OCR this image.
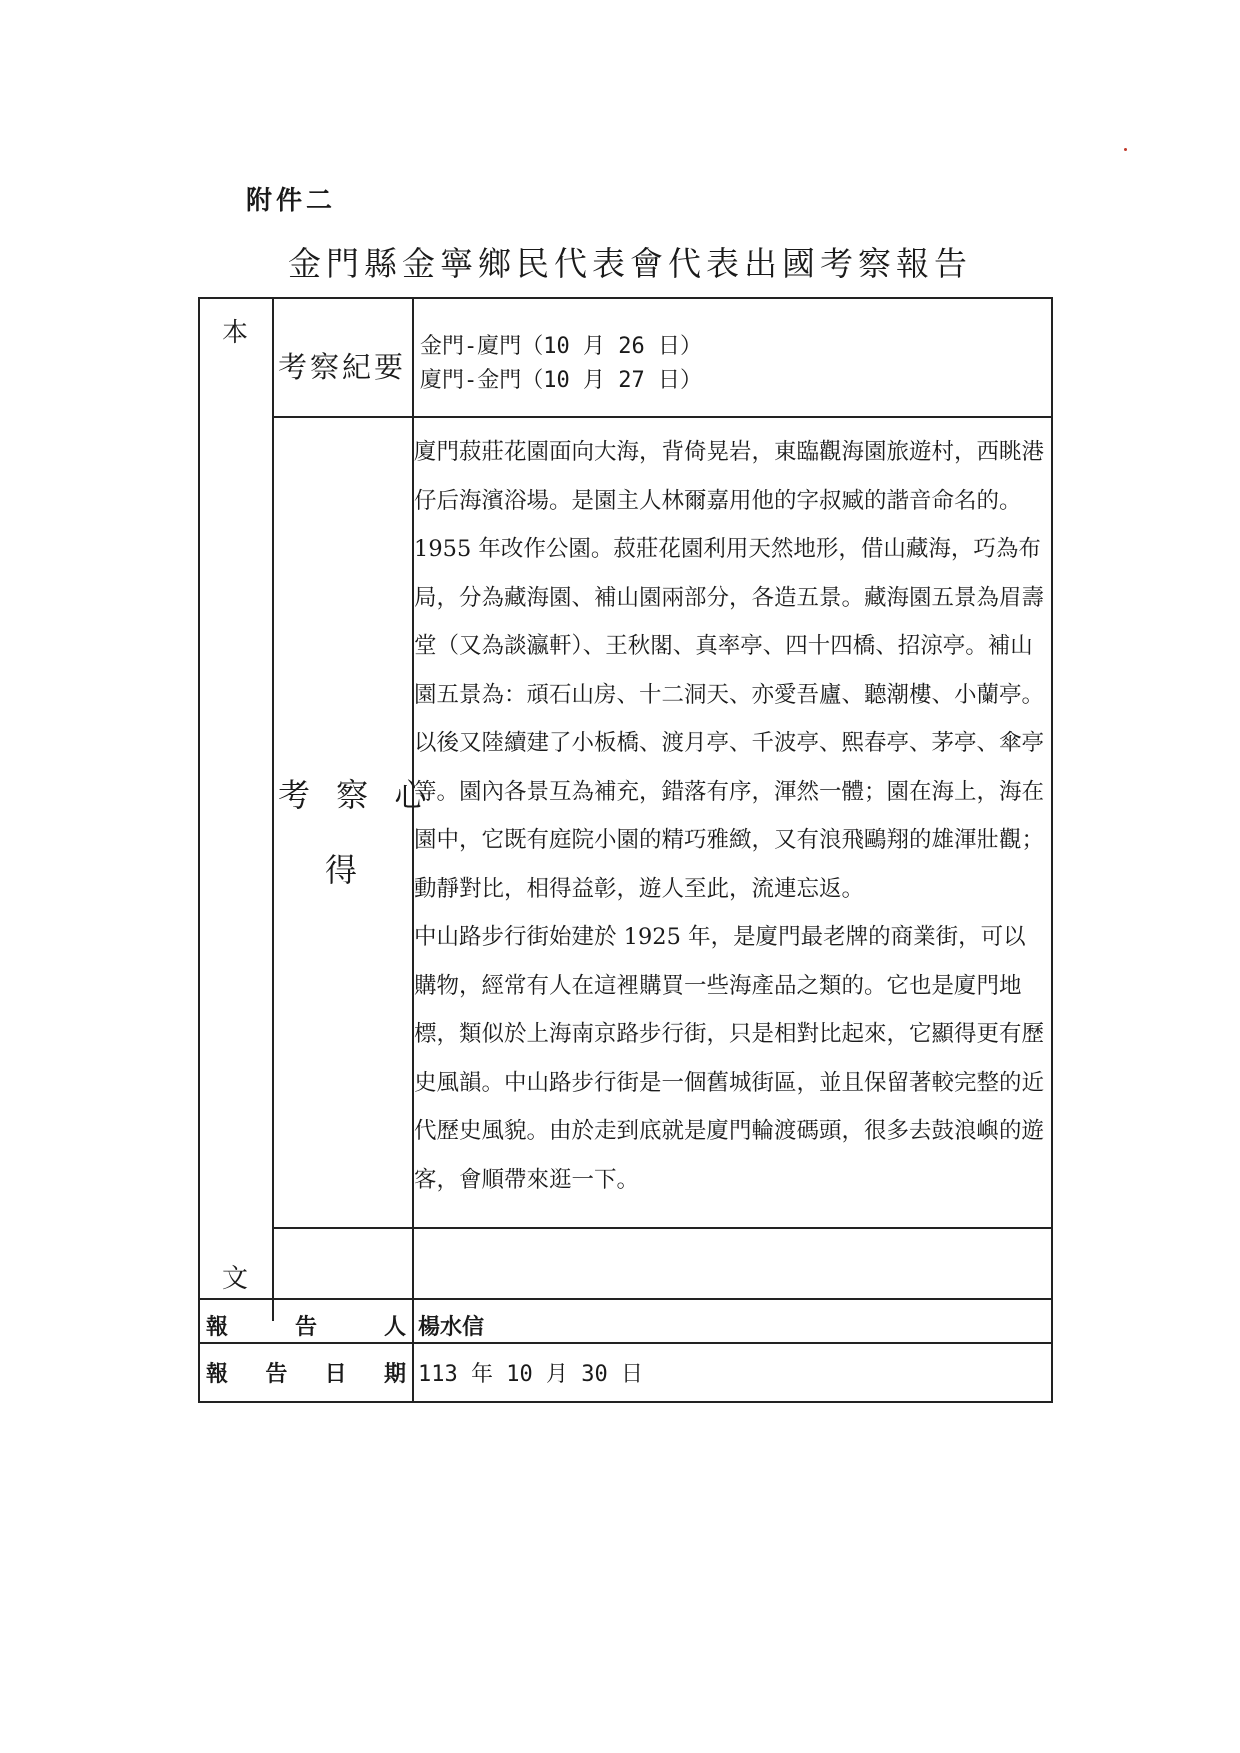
附件二
金門縣金寧鄉民代表會代表出國考察報告
本
文
考察紀要
金門-廈門（10 月 26 日）
廈門-金門（10 月 27 日）
考 察 心
得

廈門菽莊花園面向大海，背倚晃岩，東臨觀海園旅遊村，西眺港仔后海濱浴場。是園主人林爾嘉用他的字叔臧的諧音命名的。1955 年改作公園。菽莊花園利用天然地形，借山藏海，巧為布局，分為藏海園、補山園兩部分，各造五景。藏海園五景為眉壽堂（又為談瀛軒）、王秋閣、真率亭、四十四橋、招涼亭。補山園五景為：頑石山房、十二洞天、亦愛吾廬、聽潮樓、小蘭亭。以後又陸續建了小板橋、渡月亭、千波亭、熙春亭、茅亭、傘亭等。園內各景互為補充，錯落有序，渾然一體；園在海上，海在園中，它既有庭院小園的精巧雅緻，又有浪飛鷗翔的雄渾壯觀；動靜對比，相得益彰，遊人至此，流連忘返。

中山路步行街始建於 1925 年，是廈門最老牌的商業街，可以購物，經常有人在這裡購買一些海產品之類的。它也是廈門地標，類似於上海南京路步行街，只是相對比起來，它顯得更有歷史風韻。中山路步行街是一個舊城街區，並且保留著較完整的近代歷史風貌。由於走到底就是廈門輪渡碼頭，很多去鼓浪嶼的遊客，會順帶來逛一下。

報	告	人 楊水信
報 告 日 期 113 年 10 月 30 日
